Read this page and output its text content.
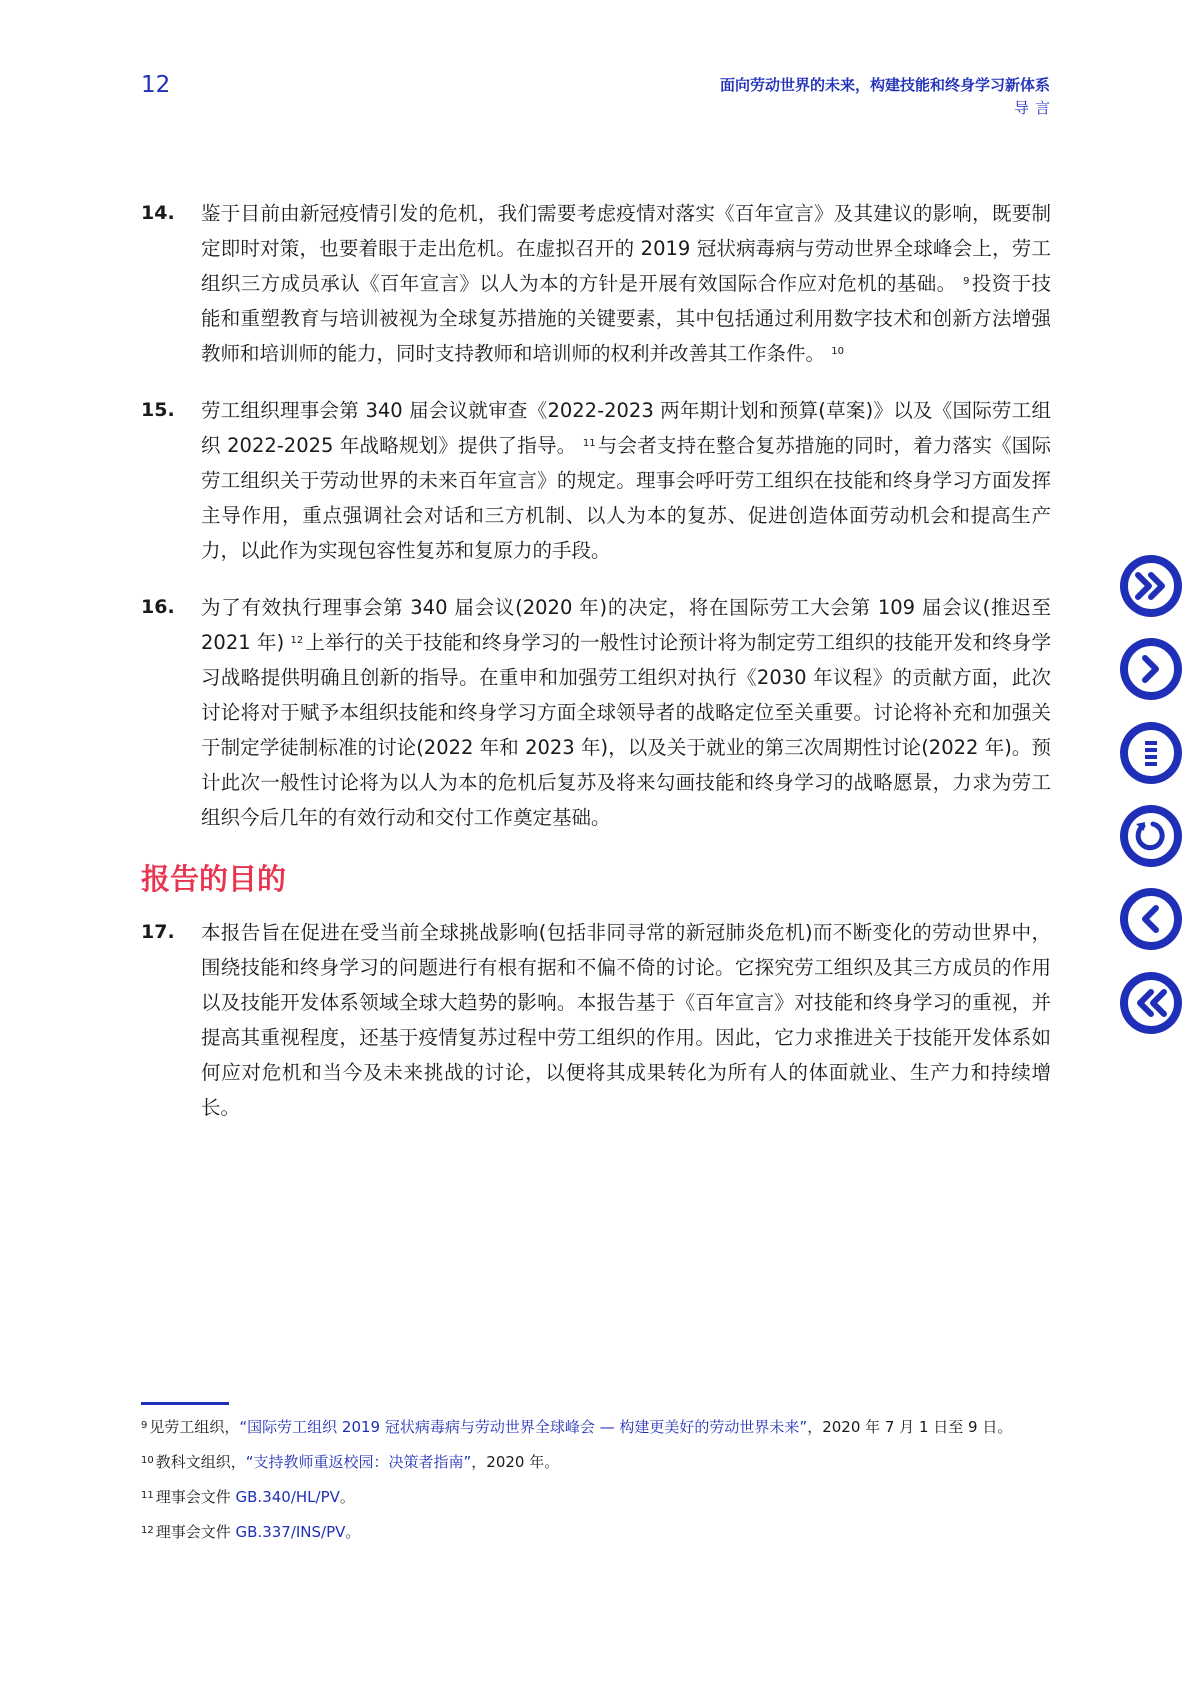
12	面向劳动世界的未来，构建技能和终身学习新体系
导言
14.	鉴于目前由新冠疫情引发的危机，我们需要考虑疫情对落实《百年宣言》及其建议的影响，既要制定即时对策，也要着眼于走出危机。在虚拟召开的 2019 冠状病毒病与劳动世界全球峰会上，劳工组织三方成员承认《百年宣言》以人为本的方针是开展有效国际合作应对危机的基础。 $^9$ 投资于技能和重塑教育与培训被视为全球复苏措施的关键要素，其中包括通过利用数字技术和创新方法增强教师和培训师的能力，同时支持教师和培训师的权利并改善其工作条件。 $^{10}$
15.	劳工组织理事会第 340 届会议就审查《2022-2023 两年期计划和预算(草案)》以及《国际劳工组织 2022-2025 年战略规划》提供了指导。 $^{11}$ 与会者支持在整合复苏措施的同时，着力落实《国际劳工组织关于劳动世界的未来百年宣言》的规定。理事会呼吁劳工组织在技能和终身学习方面发挥主导作用，重点强调社会对话和三方机制、以人为本的复苏、促进创造体面劳动机会和提高生产力，以此作为实现包容性复苏和复原力的手段。
16.	为了有效执行理事会第 340 届会议(2020 年)的决定，将在国际劳工大会第 109 届会议(推迟至 2021 年) $^{12}$ 上举行的关于技能和终身学习的一般性讨论预计将为制定劳工组织的技能开发和终身学习战略提供明确且创新的指导。在重申和加强劳工组织对执行《2030 年议程》的贡献方面，此次讨论将对于赋予本组织技能和终身学习方面全球领导者的战略定位至关重要。讨论将补充和加强关于制定学徒制标准的讨论(2022 年和 2023 年)，以及关于就业的第三次周期性讨论(2022 年)。预计此次一般性讨论将为以人为本的危机后复苏及将来勾画技能和终身学习的战略愿景，力求为劳工组织今后几年的有效行动和交付工作奠定基础。
报告的目的
17.	本报告旨在促进在受当前全球挑战影响(包括非同寻常的新冠肺炎危机)而不断变化的劳动世界中，围绕技能和终身学习的问题进行有根有据和不偏不倚的讨论。它探究劳工组织及其三方成员的作用以及技能开发体系领域全球大趋势的影响。本报告基于《百年宣言》对技能和终身学习的重视，并提高其重视程度，还基于疫情复苏过程中劳工组织的作用。因此，它力求推进关于技能开发体系如何应对危机和当今及未来挑战的讨论，以便将其成果转化为所有人的体面就业、生产力和持续增长。
$^9$ 见劳工组织，“国际劳工组织 2019 冠状病毒病与劳动世界全球峰会 — 构建更美好的劳动世界未来”，2020 年 7 月 1 日至 9 日。
$^{10}$ 教科文组织，“支持教师重返校园：决策者指南”，2020 年。
$^{11}$ 理事会文件 GB.340/HL/PV。
$^{12}$ 理事会文件 GB.337/INS/PV。
